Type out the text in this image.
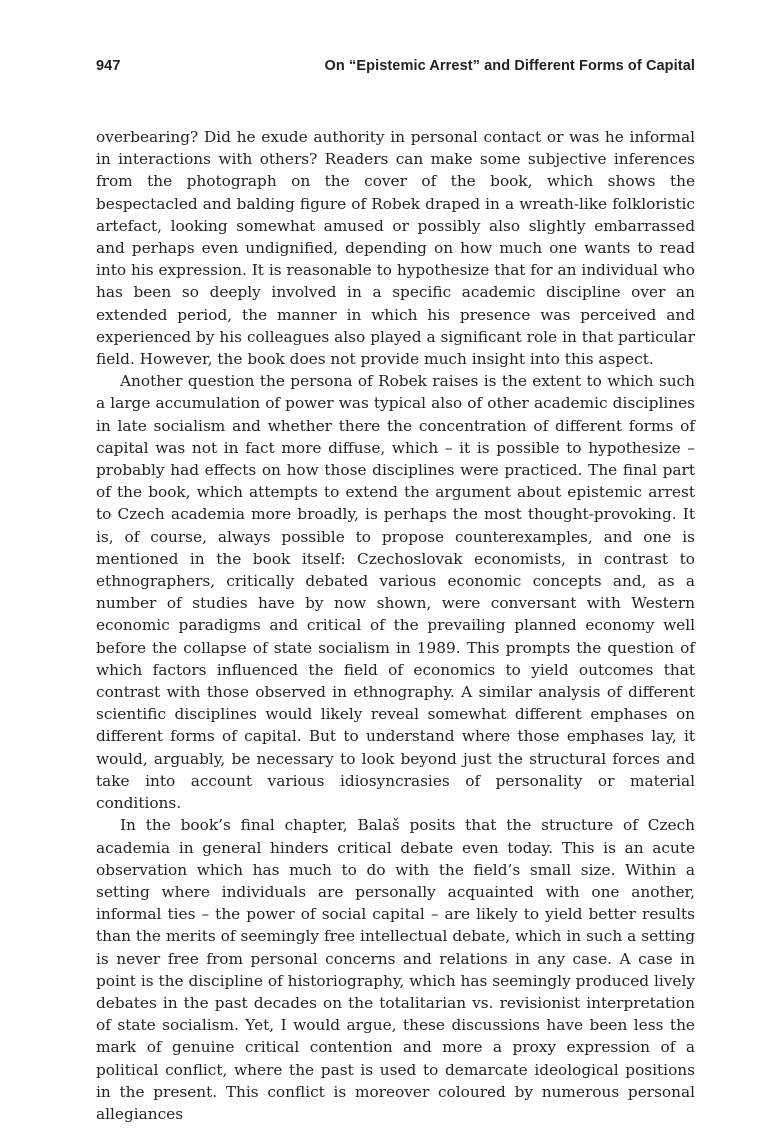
947	On “Epistemic Arrest” and Different Forms of Capital

overbearing? Did he exude authority in personal contact or was he informal in interactions with others? Readers can make some subjective inferences from the photograph on the cover of the book, which shows the bespectacled and balding figure of Robek draped in a wreath-like folkloristic artefact, looking somewhat amused or possibly also slightly embarrassed and perhaps even undignified, depending on how much one wants to read into his expression. It is reasonable to hypothesize that for an individual who has been so deeply involved in a specific academic discipline over an extended period, the manner in which his presence was perceived and experienced by his colleagues also played a significant role in that particular field. However, the book does not provide much insight into this aspect.

Another question the persona of Robek raises is the extent to which such a large accumulation of power was typical also of other academic disciplines in late socialism and whether there the concentration of different forms of capital was not in fact more diffuse, which – it is possible to hypothesize – probably had effects on how those disciplines were practiced. The final part of the book, which attempts to extend the argument about epistemic arrest to Czech academia more broadly, is perhaps the most thought-provoking. It is, of course, always possible to propose counterexamples, and one is mentioned in the book itself: Czechoslovak economists, in contrast to ethnographers, critically debated various economic concepts and, as a number of studies have by now shown, were conversant with Western economic paradigms and critical of the prevailing planned economy well before the collapse of state socialism in 1989. This prompts the question of which factors influenced the field of economics to yield outcomes that contrast with those observed in ethnography. A similar analysis of different scientific disciplines would likely reveal somewhat different emphases on different forms of capital. But to understand where those emphases lay, it would, arguably, be necessary to look beyond just the structural forces and take into account various idiosyncrasies of personality or material conditions.

In the book’s final chapter, Balaš posits that the structure of Czech academia in general hinders critical debate even today. This is an acute observation which has much to do with the field’s small size. Within a setting where individuals are personally acquainted with one another, informal ties – the power of social capital – are likely to yield better results than the merits of seemingly free intellectual debate, which in such a setting is never free from personal concerns and relations in any case. A case in point is the discipline of historiography, which has seemingly produced lively debates in the past decades on the totalitarian vs. revisionist interpretation of state socialism. Yet, I would argue, these discussions have been less the mark of genuine critical contention and more a proxy expression of a political conflict, where the past is used to demarcate ideological positions in the present. This conflict is moreover coloured by numerous personal allegiances
